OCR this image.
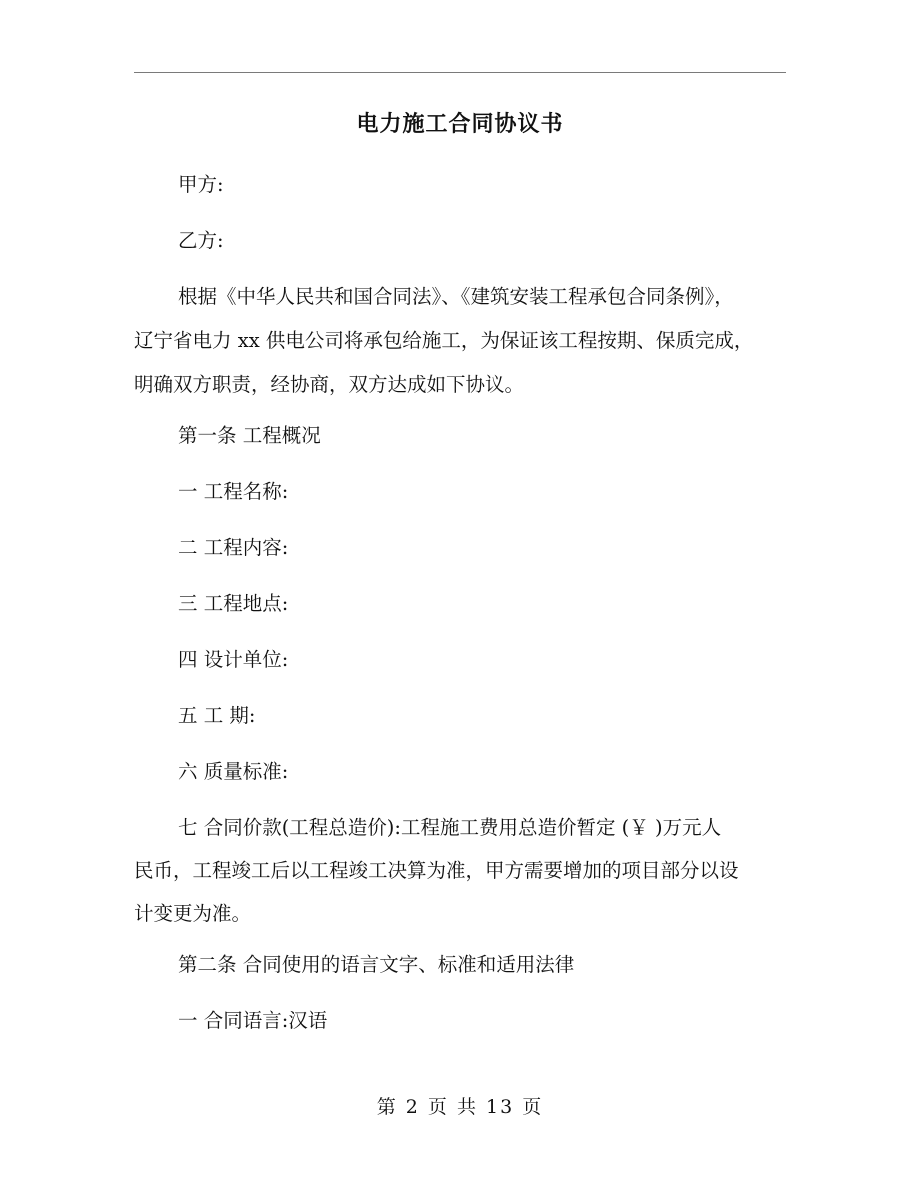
电力施工合同协议书
甲方:
乙方:
根据《中华人民共和国合同法》、《建筑安装工程承包合同条例》，
辽宁省电力 xx 供电公司将承包给施工，为保证该工程按期、保质完成，
明确双方职责，经协商，双方达成如下协议。
第一条 工程概况
一 工程名称:
二 工程内容:
三 工程地点:
四 设计单位:
五 工 期:
六 质量标准:
七 合同价款(工程总造价):工程施工费用总造价暂定 (￥ )万元人
民币，工程竣工后以工程竣工决算为准，甲方需要增加的项目部分以设
计变更为准。
第二条 合同使用的语言文字、标准和适用法律
一 合同语言:汉语
第 2 页 共 13 页
